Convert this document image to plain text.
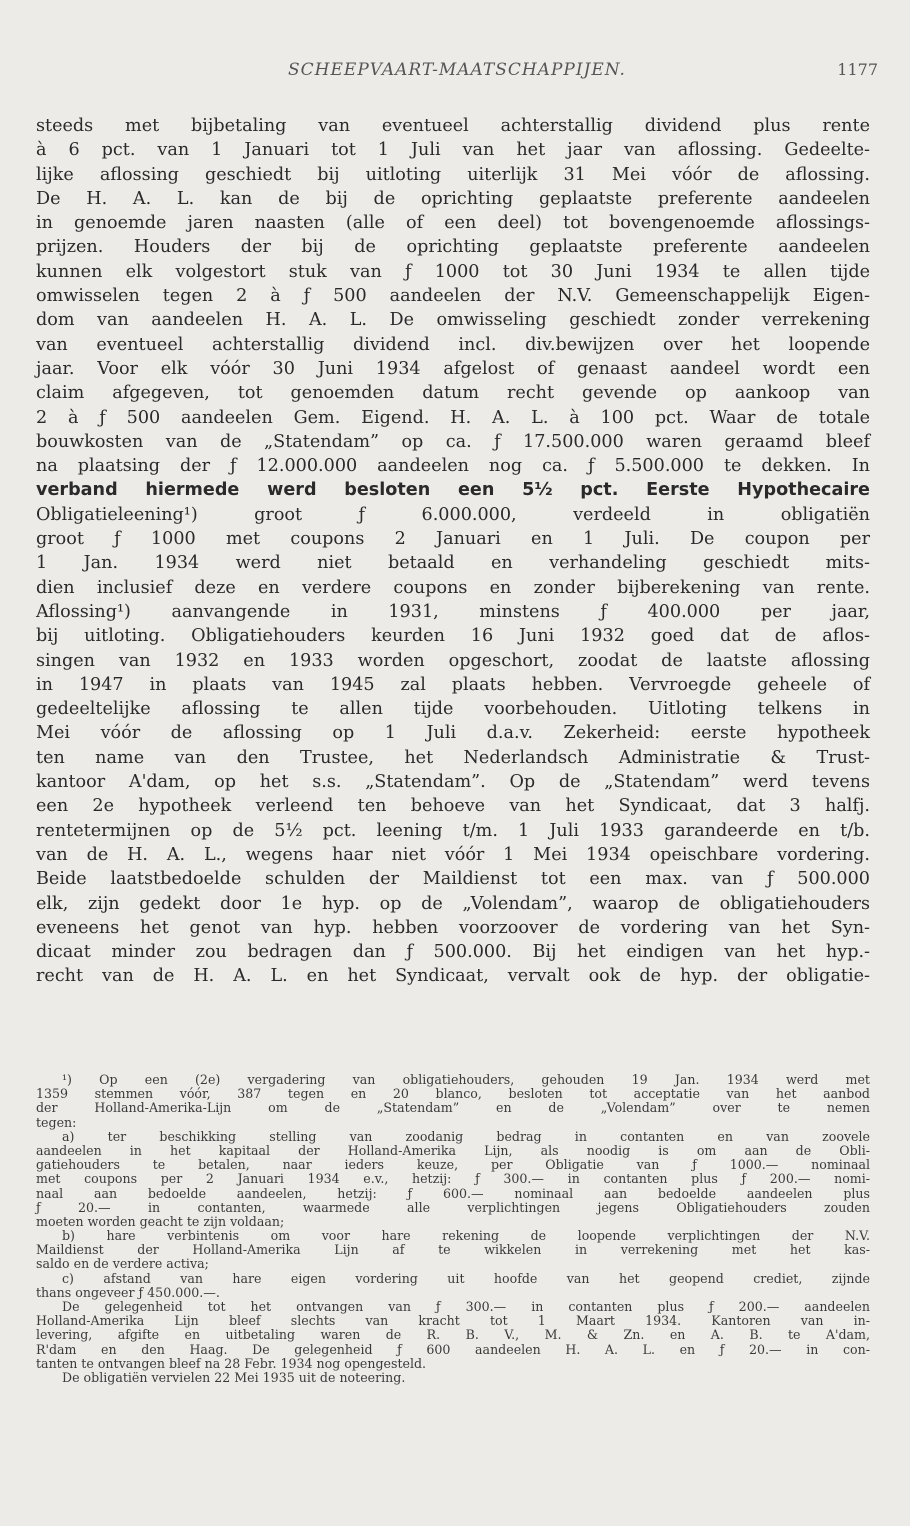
SCHEEPVAART-MAATSCHAPPIJEN.	1177
steeds met bijbetaling van eventueel achterstallig dividend plus rente
à 6 pct. van 1 Januari tot 1 Juli van het jaar van aflossing. Gedeelte-
lijke aflossing geschiedt bij uitloting uiterlijk 31 Mei vóór de aflossing.
De H. A. L. kan de bij de oprichting geplaatste preferente aandeelen
in genoemde jaren naasten (alle of een deel) tot bovengenoemde aflossings-
prijzen. Houders der bij de oprichting geplaatste preferente aandeelen
kunnen elk volgestort stuk van ƒ 1000 tot 30 Juni 1934 te allen tijde
omwisselen tegen 2 à ƒ 500 aandeelen der N.V. Gemeenschappelijk Eigen-
dom van aandeelen H. A. L. De omwisseling geschiedt zonder verrekening
van eventueel achterstallig dividend incl. div.bewijzen over het loopende
jaar. Voor elk vóór 30 Juni 1934 afgelost of genaast aandeel wordt een
claim afgegeven, tot genoemden datum recht gevende op aankoop van
2 à ƒ 500 aandeelen Gem. Eigend. H. A. L. à 100 pct. Waar de totale
bouwkosten van de „Statendam” op ca. ƒ 17.500.000 waren geraamd bleef
na plaatsing der ƒ 12.000.000 aandeelen nog ca. ƒ 5.500.000 te dekken. In
verband hiermede werd besloten een 5½ pct. Eerste Hypothecaire
Obligatieleening¹) groot ƒ 6.000.000, verdeeld in obligatiën
groot ƒ 1000 met coupons 2 Januari en 1 Juli. De coupon per
1 Jan. 1934 werd niet betaald en verhandeling geschiedt mits-
dien inclusief deze en verdere coupons en zonder bijberekening van rente.
Aflossing¹) aanvangende in 1931, minstens ƒ 400.000 per jaar,
bij uitloting. Obligatiehouders keurden 16 Juni 1932 goed dat de aflos-
singen van 1932 en 1933 worden opgeschort, zoodat de laatste aflossing
in 1947 in plaats van 1945 zal plaats hebben. Vervroegde geheele of
gedeeltelijke aflossing te allen tijde voorbehouden. Uitloting telkens in
Mei vóór de aflossing op 1 Juli d.a.v. Zekerheid: eerste hypotheek
ten name van den Trustee, het Nederlandsch Administratie & Trust-
kantoor A'dam, op het s.s. „Statendam”. Op de „Statendam” werd tevens
een 2e hypotheek verleend ten behoeve van het Syndicaat, dat 3 halfj.
rentetermijnen op de 5½ pct. leening t/m. 1 Juli 1933 garandeerde en t/b.
van de H. A. L., wegens haar niet vóór 1 Mei 1934 opeischbare vordering.
Beide laatstbedoelde schulden der Maildienst tot een max. van ƒ 500.000
elk, zijn gedekt door 1e hyp. op de „Volendam”, waarop de obligatiehouders
eveneens het genot van hyp. hebben voorzoover de vordering van het Syn-
dicaat minder zou bedragen dan ƒ 500.000. Bij het eindigen van het hyp.-
recht van de H. A. L. en het Syndicaat, vervalt ook de hyp. der obligatie-
¹) Op een (2e) vergadering van obligatiehouders, gehouden 19 Jan. 1934 werd met
1359 stemmen vóór, 387 tegen en 20 blanco, besloten tot acceptatie van het aanbod
der Holland-Amerika-Lijn om de „Statendam” en de „Volendam” over te nemen
tegen:
a) ter beschikking stelling van zoodanig bedrag in contanten en van zoovele
aandeelen in het kapitaal der Holland-Amerika Lijn, als noodig is om aan de Obli-
gatiehouders te betalen, naar ieders keuze, per Obligatie van ƒ 1000.— nominaal
met coupons per 2 Januari 1934 e.v., hetzij: ƒ 300.— in contanten plus ƒ 200.— nomi-
naal aan bedoelde aandeelen, hetzij: ƒ 600.— nominaal aan bedoelde aandeelen plus
ƒ 20.— in contanten, waarmede alle verplichtingen jegens Obligatiehouders zouden
moeten worden geacht te zijn voldaan;
b) hare verbintenis om voor hare rekening de loopende verplichtingen der N.V.
Maildienst der Holland-Amerika Lijn af te wikkelen in verrekening met het kas-
saldo en de verdere activa;
c) afstand van hare eigen vordering uit hoofde van het geopend crediet, zijnde
thans ongeveer ƒ 450.000.—.
De gelegenheid tot het ontvangen van ƒ 300.— in contanten plus ƒ 200.— aandeelen
Holland-Amerika Lijn bleef slechts van kracht tot 1 Maart 1934. Kantoren van in-
levering, afgifte en uitbetaling waren de R. B. V., M. & Zn. en A. B. te A'dam,
R'dam en den Haag. De gelegenheid ƒ 600 aandeelen H. A. L. en ƒ 20.— in con-
tanten te ontvangen bleef na 28 Febr. 1934 nog opengesteld.
De obligatiën vervielen 22 Mei 1935 uit de noteering.
